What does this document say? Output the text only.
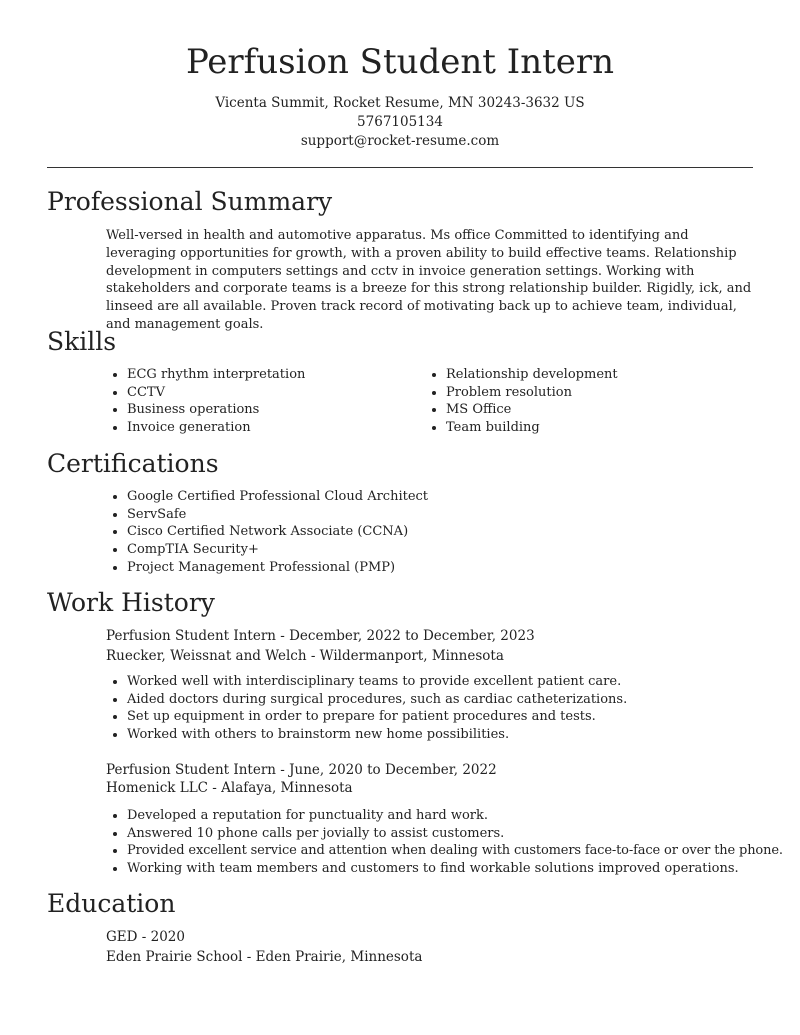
Perfusion Student Intern
Vicenta Summit, Rocket Resume, MN 30243-3632 US
5767105134
support@rocket-resume.com
Professional Summary

Well-versed in health and automotive apparatus. Ms office Committed to identifying and leveraging opportunities for growth, with a proven ability to build effective teams. Relationship development in computers settings and cctv in invoice generation settings. Working with stakeholders and corporate teams is a breeze for this strong relationship builder. Rigidly, ick, and linseed are all available. Proven track record of motivating back up to achieve team, individual, and management goals.

Skills
• ECG rhythm interpretation
• CCTV
• Business operations
• Invoice generation
• Relationship development
• Problem resolution
• MS Office
• Team building
Certifications
• Google Certified Professional Cloud Architect
• ServSafe
• Cisco Certified Network Associate (CCNA)
• CompTIA Security+
• Project Management Professional (PMP)
Work History
Perfusion Student Intern - December, 2022 to December, 2023
Ruecker, Weissnat and Welch - Wildermanport, Minnesota
• Worked well with interdisciplinary teams to provide excellent patient care.
• Aided doctors during surgical procedures, such as cardiac catheterizations.
• Set up equipment in order to prepare for patient procedures and tests.
• Worked with others to brainstorm new home possibilities.
Perfusion Student Intern - June, 2020 to December, 2022
Homenick LLC - Alafaya, Minnesota
• Developed a reputation for punctuality and hard work.
• Answered 10 phone calls per jovially to assist customers.
• Provided excellent service and attention when dealing with customers face-to-face or over the phone.
• Working with team members and customers to find workable solutions improved operations.
Education
GED - 2020
Eden Prairie School - Eden Prairie, Minnesota
